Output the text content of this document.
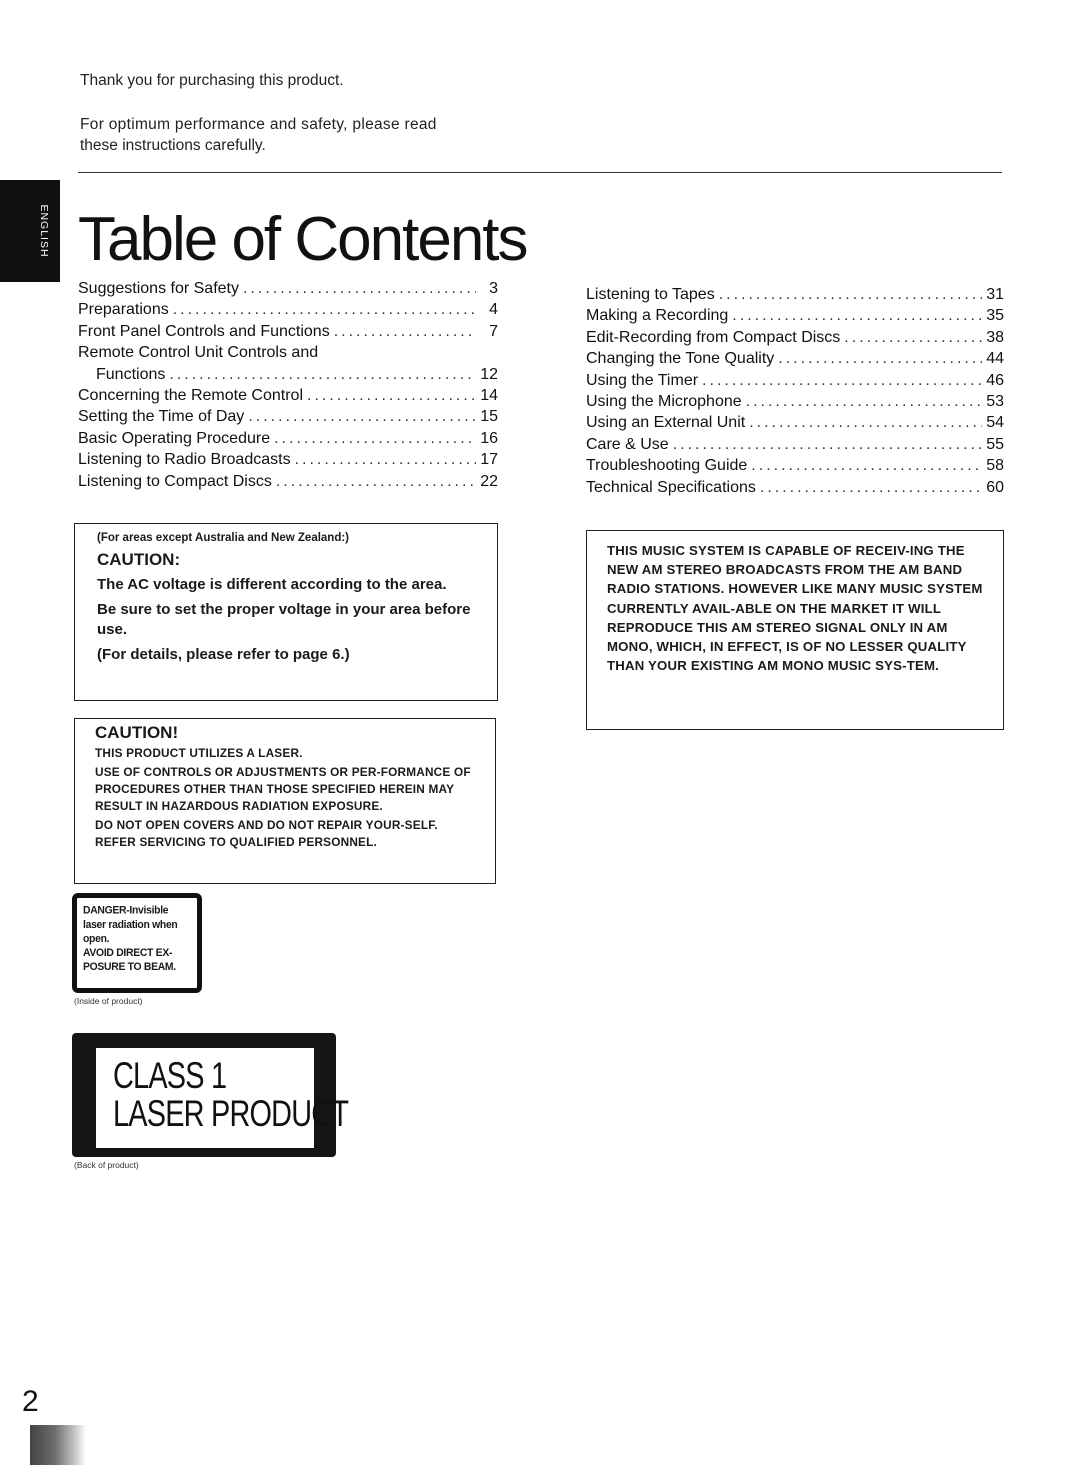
Thank you for purchasing this product.
For optimum performance and safety, please read
these instructions carefully.
ENGLISH Table of Contents
Suggestions for Safety .....	3
Preparations .....	4
Front Panel Controls and Functions .....	7
Remote Control Unit Controls and
Functions .....	12
Concerning the Remote Control .....	14
Setting the Time of Day .....	15
Basic Operating Procedure .....	16
Listening to Radio Broadcasts .....	17
Listening to Compact Discs .....	22
Listening to Tapes .....	31
Making a Recording .....	35
Edit-Recording from Compact Discs .....	38
Changing the Tone Quality .....	44
Using the Timer .....	46
Using the Microphone .....	53
Using an External Unit .....	54
Care & Use .....	55
Troubleshooting Guide .....	58
Technical Specifications .....	60
(For areas except Australia and New Zealand:)
CAUTION:

The AC voltage is different according to the area.

Be sure to set the proper voltage in your area before use.

(For details, please refer to page 6.)

THIS MUSIC SYSTEM IS CAPABLE OF RECEIV-ING THE NEW AM STEREO BROADCASTS FROM THE AM BAND RADIO STATIONS. HOWEVER LIKE MANY MUSIC SYSTEM CURRENTLY AVAIL-ABLE ON THE MARKET IT WILL REPRODUCE THIS AM STEREO SIGNAL ONLY IN AM MONO, WHICH, IN EFFECT, IS OF NO LESSER QUALITY THAN YOUR EXISTING AM MONO MUSIC SYS-TEM.
CAUTION!

THIS PRODUCT UTILIZES A LASER.

USE OF CONTROLS OR ADJUSTMENTS OR PER-FORMANCE OF PROCEDURES OTHER THAN THOSE SPECIFIED HEREIN MAY RESULT IN HAZARDOUS RADIATION EXPOSURE.

DO NOT OPEN COVERS AND DO NOT REPAIR YOUR-SELF. REFER SERVICING TO QUALIFIED PERSONNEL.

DANGER-Invisible
laser radiation when
open.
AVOID DIRECT EX-
POSURE TO BEAM.
(Inside of product)
CLASS 1
LASER PRODUCT
(Back of product)
2
